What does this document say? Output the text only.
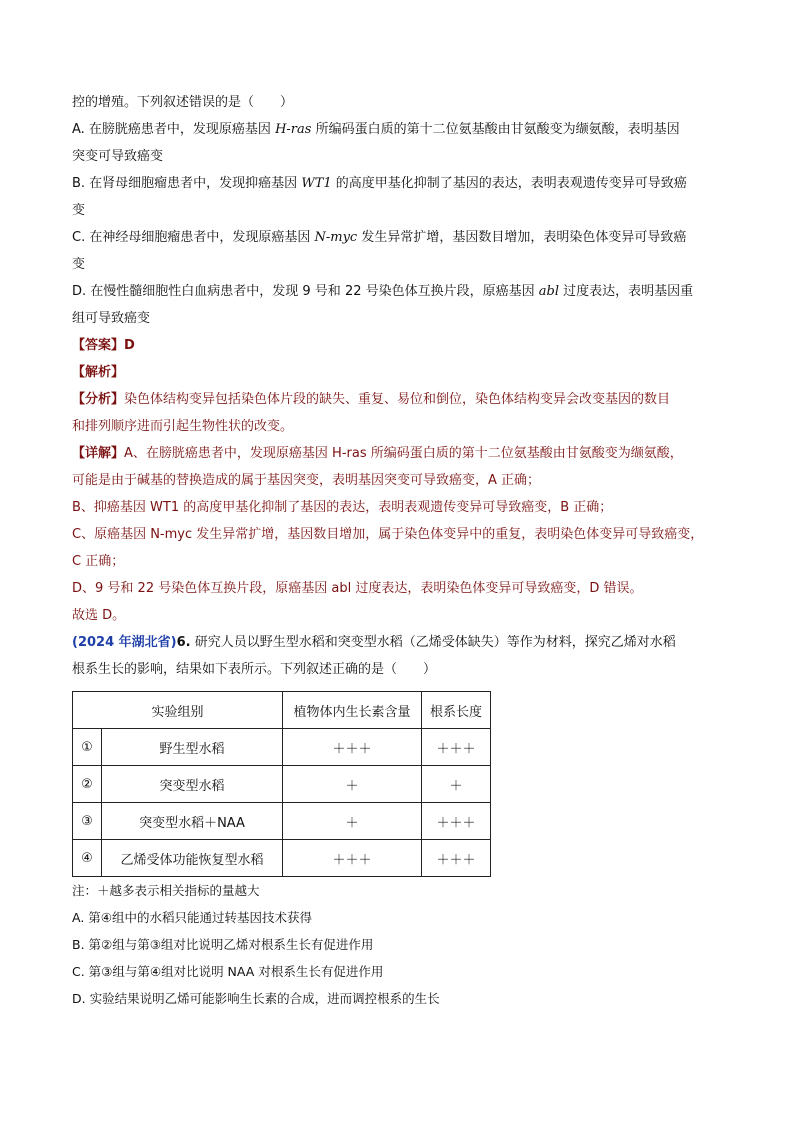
控的增殖。下列叙述错误的是（　　）

A. 在膀胱癌患者中，发现原癌基因 H-ras 所编码蛋白质的第十二位氨基酸由甘氨酸变为缬氨酸，表明基因

突变可导致癌变

B. 在肾母细胞瘤患者中，发现抑癌基因 WT1 的高度甲基化抑制了基因的表达，表明表观遗传变异可导致癌

变

C. 在神经母细胞瘤患者中，发现原癌基因 N-myc 发生异常扩增，基因数目增加，表明染色体变异可导致癌

变

D. 在慢性髓细胞性白血病患者中，发现 9 号和 22 号染色体互换片段，原癌基因 abl 过度表达，表明基因重

组可导致癌变

【答案】D

【解析】

【分析】染色体结构变异包括染色体片段的缺失、重复、易位和倒位，染色体结构变异会改变基因的数目

和排列顺序进而引起生物性状的改变。

【详解】A、在膀胱癌患者中，发现原癌基因 H-ras 所编码蛋白质的第十二位氨基酸由甘氨酸变为缬氨酸，

可能是由于碱基的替换造成的属于基因突变，表明基因突变可导致癌变，A 正确；

B、抑癌基因 WT1 的高度甲基化抑制了基因的表达，表明表观遗传变异可导致癌变，B 正确；

C、原癌基因 N-myc 发生异常扩增，基因数目增加，属于染色体变异中的重复，表明染色体变异可导致癌变，

C 正确；

D、9 号和 22 号染色体互换片段，原癌基因 abl 过度表达，表明染色体变异可导致癌变，D 错误。

故选 D。

(2024 年湖北省)6. 研究人员以野生型水稻和突变型水稻（乙烯受体缺失）等作为材料，探究乙烯对水稻

根系生长的影响，结果如下表所示。下列叙述正确的是（　　）

实验组别		植物体内生长素含量	根系长度
①	野生型水稻	＋＋＋	＋＋＋
②	突变型水稻	＋	＋
③	突变型水稻＋NAA	＋	＋＋＋
④	乙烯受体功能恢复型水稻	＋＋＋	＋＋＋

注：＋越多表示相关指标的量越大

A. 第④组中的水稻只能通过转基因技术获得

B. 第②组与第③组对比说明乙烯对根系生长有促进作用

C. 第③组与第④组对比说明 NAA 对根系生长有促进作用

D. 实验结果说明乙烯可能影响生长素的合成，进而调控根系的生长
